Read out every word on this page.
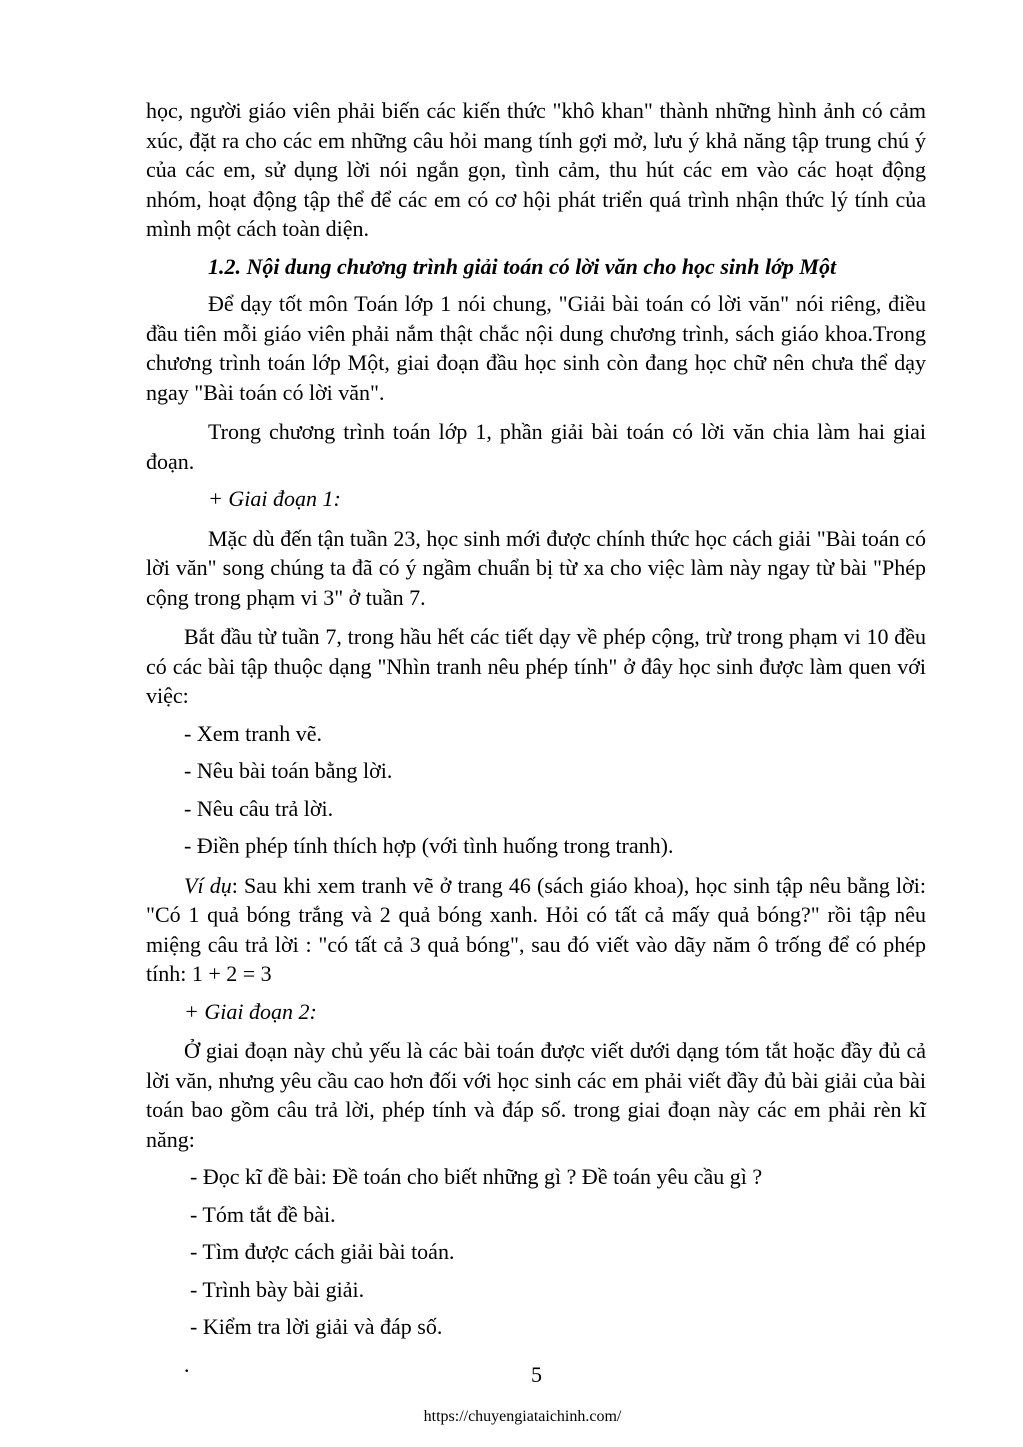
học, người giáo viên phải biến các kiến thức "khô khan" thành những hình ảnh có cảm xúc, đặt ra cho các em những câu hỏi mang tính gợi mở, lưu ý khả năng tập trung chú ý của các em, sử dụng lời nói ngắn gọn, tình cảm, thu hút các em vào các hoạt động nhóm, hoạt động tập thể để các em có cơ hội phát triển quá trình nhận thức lý tính của mình một cách toàn diện.

1.2. Nội dung chương trình giải toán có lời văn cho học sinh lớp Một

Để dạy tốt môn Toán lớp 1 nói chung, "Giải bài toán có lời văn" nói riêng, điều đầu tiên mỗi giáo viên phải nắm thật chắc nội dung chương trình, sách giáo khoa.Trong chương trình toán lớp Một, giai đoạn đầu học sinh còn đang học chữ nên chưa thể dạy ngay "Bài toán có lời văn".

Trong chương trình toán lớp 1, phần giải bài toán có lời văn chia làm hai giai đoạn.

+ Giai đoạn 1:

Mặc dù đến tận tuần 23, học sinh mới được chính thức học cách giải "Bài toán có lời văn" song chúng ta đã có ý ngầm chuẩn bị từ xa cho việc làm này ngay từ bài "Phép cộng trong phạm vi 3" ở tuần 7.

Bắt đầu từ tuần 7, trong hầu hết các tiết dạy về phép cộng, trừ trong phạm vi 10 đều có các bài tập thuộc dạng "Nhìn tranh nêu phép tính" ở đây học sinh được làm quen với việc:

- Xem tranh vẽ.

- Nêu bài toán bằng lời.

- Nêu câu trả lời.

- Điền phép tính thích hợp (với tình huống trong tranh).

Ví dụ: Sau khi xem tranh vẽ ở trang 46 (sách giáo khoa), học sinh tập nêu bằng lời: "Có 1 quả bóng trắng và 2 quả bóng xanh. Hỏi có tất cả mấy quả bóng?" rồi tập nêu miệng câu trả lời : "có tất cả 3 quả bóng", sau đó viết vào dãy năm ô trống để có phép tính: 1 + 2 = 3

+ Giai đoạn 2:

Ở giai đoạn này chủ yếu là các bài toán được viết dưới dạng tóm tắt hoặc đầy đủ cả lời văn, nhưng yêu cầu cao hơn đối với học sinh các em phải viết đầy đủ bài giải của bài toán bao gồm câu trả lời, phép tính và đáp số. trong giai đoạn này các em phải rèn kĩ năng:

- Đọc kĩ đề bài: Đề toán cho biết những gì ? Đề toán yêu cầu gì ?

- Tóm tắt đề bài.

- Tìm được cách giải bài toán.

- Trình bày bài giải.

- Kiểm tra lời giải và đáp số.

.	5
https://chuyengiataichinh.com/
